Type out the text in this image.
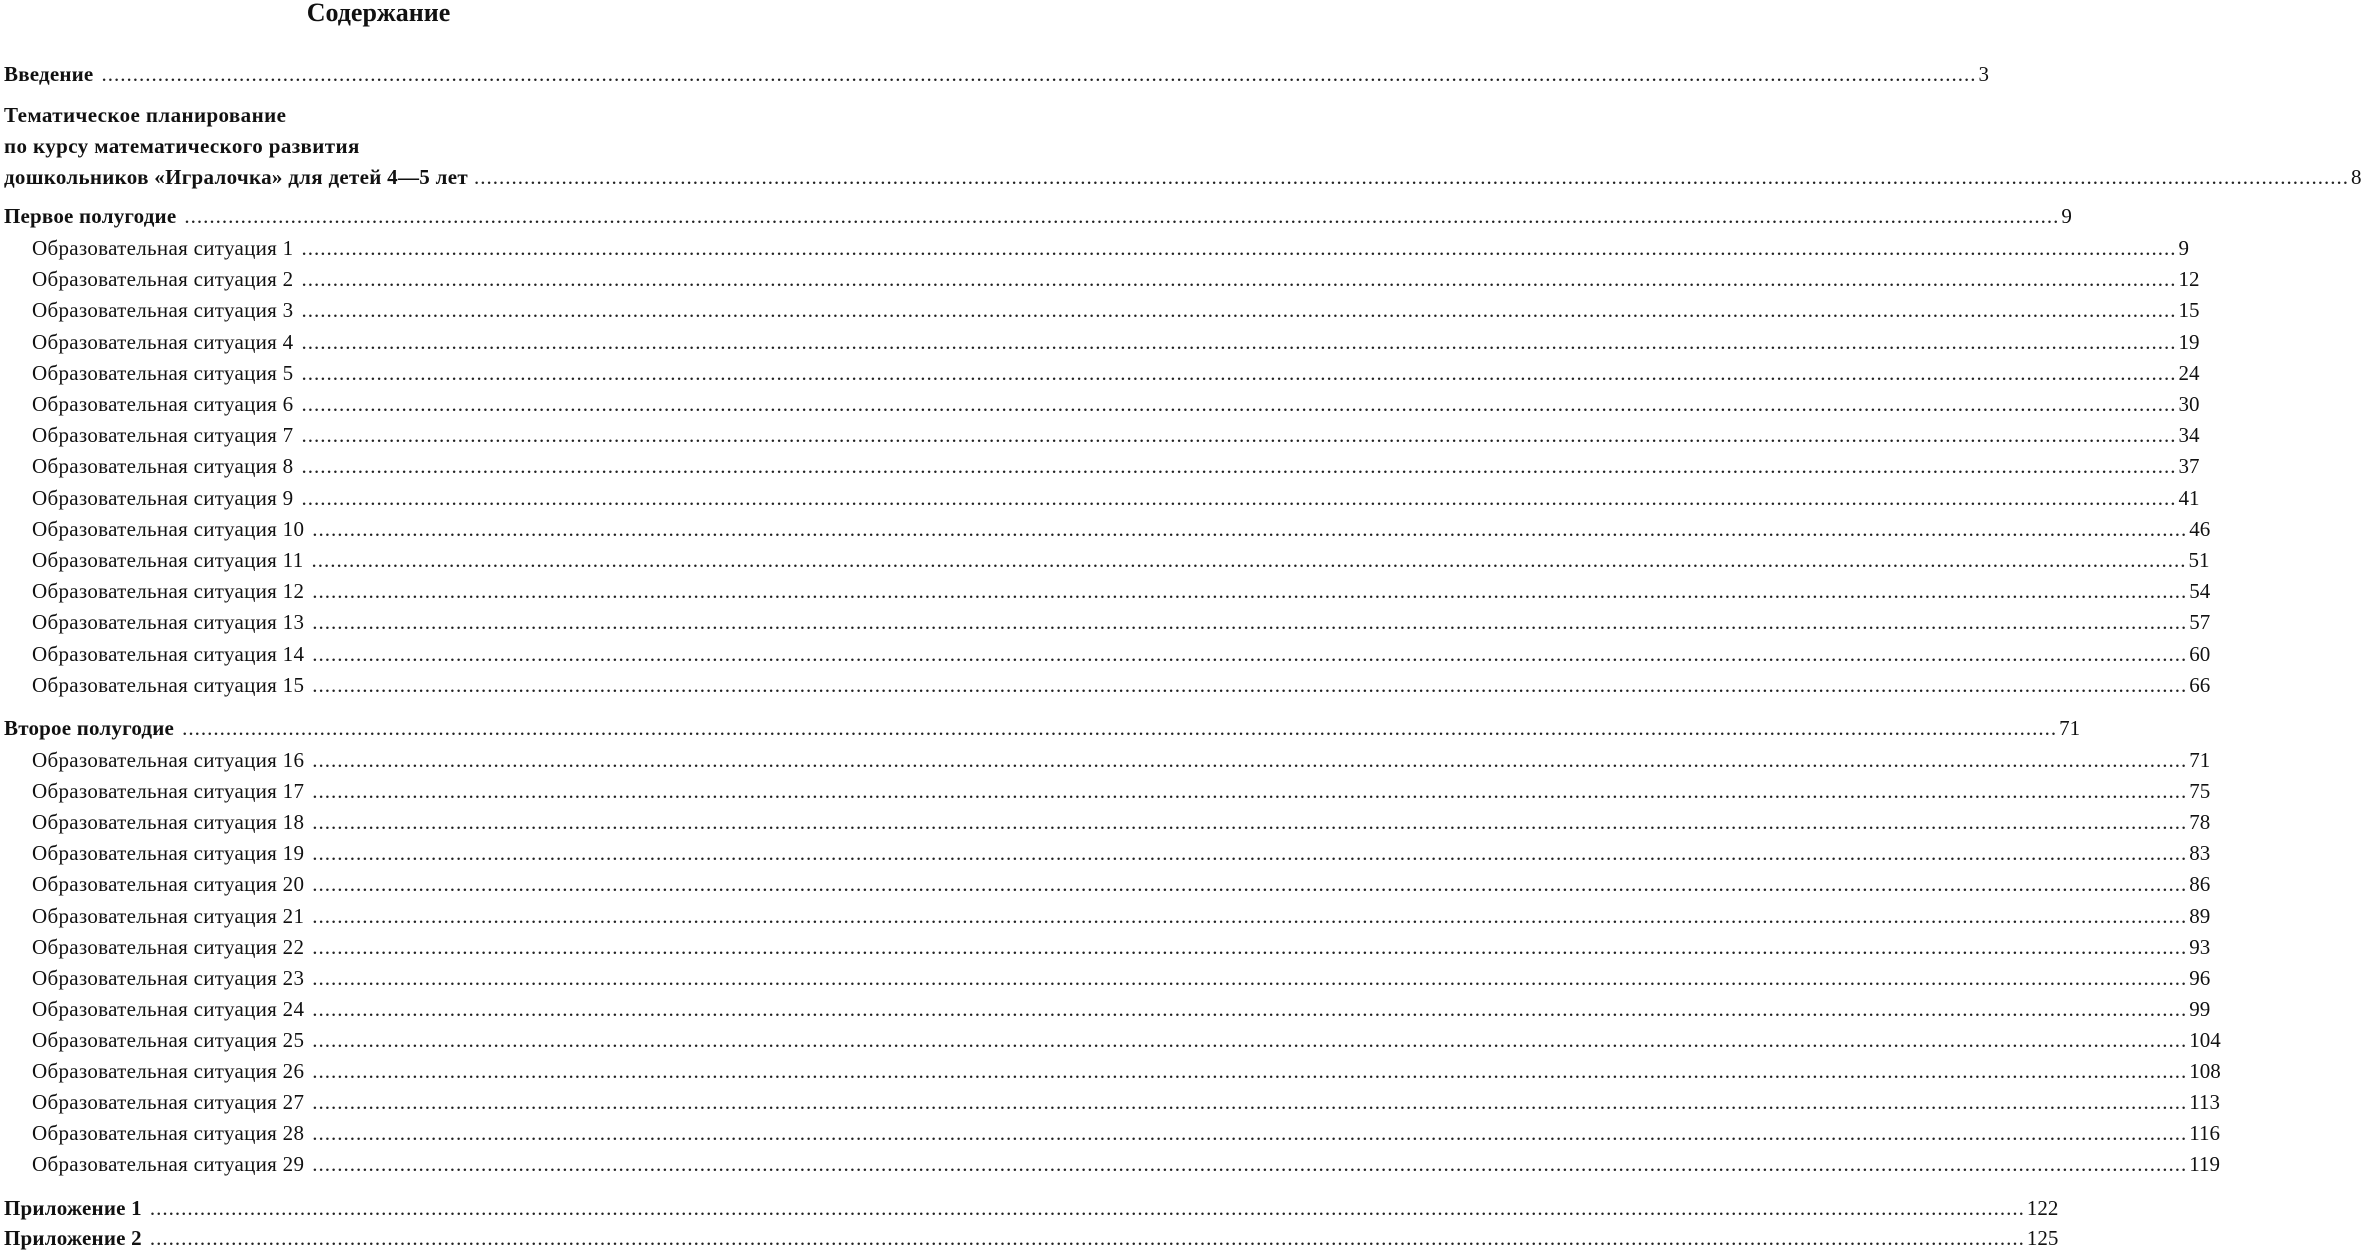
Содержание
Введение ............................................................................................................................................................................................................................................................................................................ 3
Тематическое планирование
по курсу математического развития
дошкольников «Игралочка» для детей 4—5 лет ............................................................................................................................................................................................................................................................................................................ 8
Первое полугодие ............................................................................................................................................................................................................................................................................................................ 9
Образовательная ситуация 1 ............................................................................................................................................................................................................................................................................................................ 9
Образовательная ситуация 2 ............................................................................................................................................................................................................................................................................................................ 12
Образовательная ситуация 3 ............................................................................................................................................................................................................................................................................................................ 15
Образовательная ситуация 4 ............................................................................................................................................................................................................................................................................................................ 19
Образовательная ситуация 5 ............................................................................................................................................................................................................................................................................................................ 24
Образовательная ситуация 6 ............................................................................................................................................................................................................................................................................................................ 30
Образовательная ситуация 7 ............................................................................................................................................................................................................................................................................................................ 34
Образовательная ситуация 8 ............................................................................................................................................................................................................................................................................................................ 37
Образовательная ситуация 9 ............................................................................................................................................................................................................................................................................................................ 41
Образовательная ситуация 10 ............................................................................................................................................................................................................................................................................................................ 46
Образовательная ситуация 11 ............................................................................................................................................................................................................................................................................................................ 51
Образовательная ситуация 12 ............................................................................................................................................................................................................................................................................................................ 54
Образовательная ситуация 13 ............................................................................................................................................................................................................................................................................................................ 57
Образовательная ситуация 14 ............................................................................................................................................................................................................................................................................................................ 60
Образовательная ситуация 15 ............................................................................................................................................................................................................................................................................................................ 66
Второе полугодие ............................................................................................................................................................................................................................................................................................................ 71
Образовательная ситуация 16 ............................................................................................................................................................................................................................................................................................................ 71
Образовательная ситуация 17 ............................................................................................................................................................................................................................................................................................................ 75
Образовательная ситуация 18 ............................................................................................................................................................................................................................................................................................................ 78
Образовательная ситуация 19 ............................................................................................................................................................................................................................................................................................................ 83
Образовательная ситуация 20 ............................................................................................................................................................................................................................................................................................................ 86
Образовательная ситуация 21 ............................................................................................................................................................................................................................................................................................................ 89
Образовательная ситуация 22 ............................................................................................................................................................................................................................................................................................................ 93
Образовательная ситуация 23 ............................................................................................................................................................................................................................................................................................................ 96
Образовательная ситуация 24 ............................................................................................................................................................................................................................................................................................................ 99
Образовательная ситуация 25 ............................................................................................................................................................................................................................................................................................................ 104
Образовательная ситуация 26 ............................................................................................................................................................................................................................................................................................................ 108
Образовательная ситуация 27 ............................................................................................................................................................................................................................................................................................................ 113
Образовательная ситуация 28 ............................................................................................................................................................................................................................................................................................................ 116
Образовательная ситуация 29 ............................................................................................................................................................................................................................................................................................................ 119
Приложение 1 ............................................................................................................................................................................................................................................................................................................ 122
Приложение 2 ............................................................................................................................................................................................................................................................................................................ 125
